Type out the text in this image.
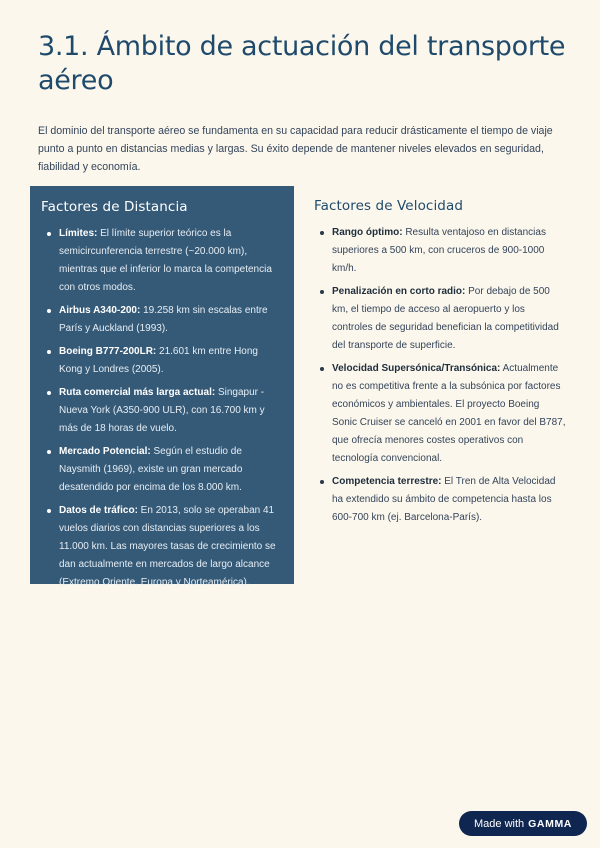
3.1. Ámbito de actuación del transporte aéreo

El dominio del transporte aéreo se fundamenta en su capacidad para reducir drásticamente el tiempo de viaje punto a punto en distancias medias y largas. Su éxito depende de mantener niveles elevados en seguridad, fiabilidad y economía.

Factores de Distancia
Límites: El límite superior teórico es la semicircunferencia terrestre (~20.000 km), mientras que el inferior lo marca la competencia con otros modos.
Airbus A340-200: 19.258 km sin escalas entre París y Auckland (1993).
Boeing B777-200LR: 21.601 km entre Hong Kong y Londres (2005).
Ruta comercial más larga actual: Singapur - Nueva York (A350-900 ULR), con 16.700 km y más de 18 horas de vuelo.
Mercado Potencial: Según el estudio de Naysmith (1969), existe un gran mercado desatendido por encima de los 8.000 km.
Datos de tráfico: En 2013, solo se operaban 41 vuelos diarios con distancias superiores a los 11.000 km. Las mayores tasas de crecimiento se dan actualmente en mercados de largo alcance (Extremo Oriente, Europa y Norteamérica).
Factores de Velocidad
Rango óptimo: Resulta ventajoso en distancias superiores a 500 km, con cruceros de 900-1000 km/h.
Penalización en corto radio: Por debajo de 500 km, el tiempo de acceso al aeropuerto y los controles de seguridad benefician la competitividad del transporte de superficie.
Velocidad Supersónica/Transónica: Actualmente no es competitiva frente a la subsónica por factores económicos y ambientales. El proyecto Boeing Sonic Cruiser se canceló en 2001 en favor del B787, que ofrecía menores costes operativos con tecnología convencional.
Competencia terrestre: El Tren de Alta Velocidad ha extendido su ámbito de competencia hasta los 600-700 km (ej. Barcelona-París).
Made with GAMMA
